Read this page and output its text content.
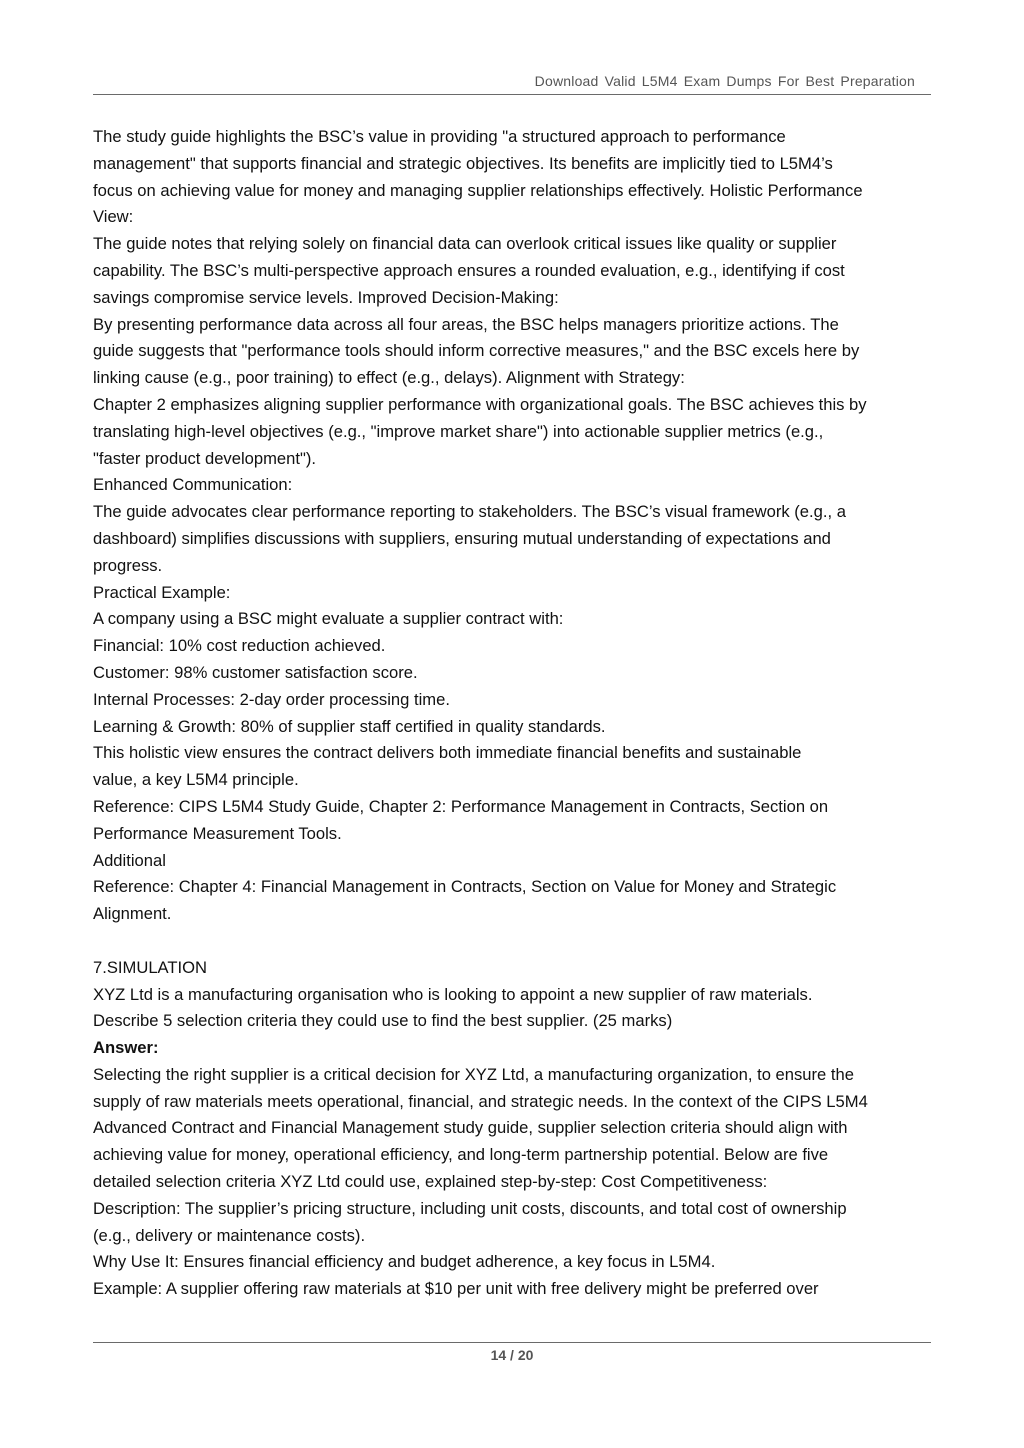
Download Valid L5M4 Exam Dumps For Best Preparation
The study guide highlights the BSC’s value in providing "a structured approach to performance
management" that supports financial and strategic objectives. Its benefits are implicitly tied to L5M4’s
focus on achieving value for money and managing supplier relationships effectively. Holistic Performance
View:
The guide notes that relying solely on financial data can overlook critical issues like quality or supplier
capability. The BSC’s multi-perspective approach ensures a rounded evaluation, e.g., identifying if cost
savings compromise service levels. Improved Decision-Making:
By presenting performance data across all four areas, the BSC helps managers prioritize actions. The
guide suggests that "performance tools should inform corrective measures," and the BSC excels here by
linking cause (e.g., poor training) to effect (e.g., delays). Alignment with Strategy:
Chapter 2 emphasizes aligning supplier performance with organizational goals. The BSC achieves this by
translating high-level objectives (e.g., "improve market share") into actionable supplier metrics (e.g.,
"faster product development").
Enhanced Communication:
The guide advocates clear performance reporting to stakeholders. The BSC’s visual framework (e.g., a
dashboard) simplifies discussions with suppliers, ensuring mutual understanding of expectations and
progress.
Practical Example:
A company using a BSC might evaluate a supplier contract with:
Financial: 10% cost reduction achieved.
Customer: 98% customer satisfaction score.
Internal Processes: 2-day order processing time.
Learning & Growth: 80% of supplier staff certified in quality standards.
This holistic view ensures the contract delivers both immediate financial benefits and sustainable
value, a key L5M4 principle.
Reference: CIPS L5M4 Study Guide, Chapter 2: Performance Management in Contracts, Section on
Performance Measurement Tools.
Additional
Reference: Chapter 4: Financial Management in Contracts, Section on Value for Money and Strategic
Alignment.
7.SIMULATION
XYZ Ltd is a manufacturing organisation who is looking to appoint a new supplier of raw materials.
Describe 5 selection criteria they could use to find the best supplier. (25 marks)
Answer:
Selecting the right supplier is a critical decision for XYZ Ltd, a manufacturing organization, to ensure the
supply of raw materials meets operational, financial, and strategic needs. In the context of the CIPS L5M4
Advanced Contract and Financial Management study guide, supplier selection criteria should align with
achieving value for money, operational efficiency, and long-term partnership potential. Below are five
detailed selection criteria XYZ Ltd could use, explained step-by-step: Cost Competitiveness:
Description: The supplier’s pricing structure, including unit costs, discounts, and total cost of ownership
(e.g., delivery or maintenance costs).
Why Use It: Ensures financial efficiency and budget adherence, a key focus in L5M4.
Example: A supplier offering raw materials at $10 per unit with free delivery might be preferred over
14 / 20
